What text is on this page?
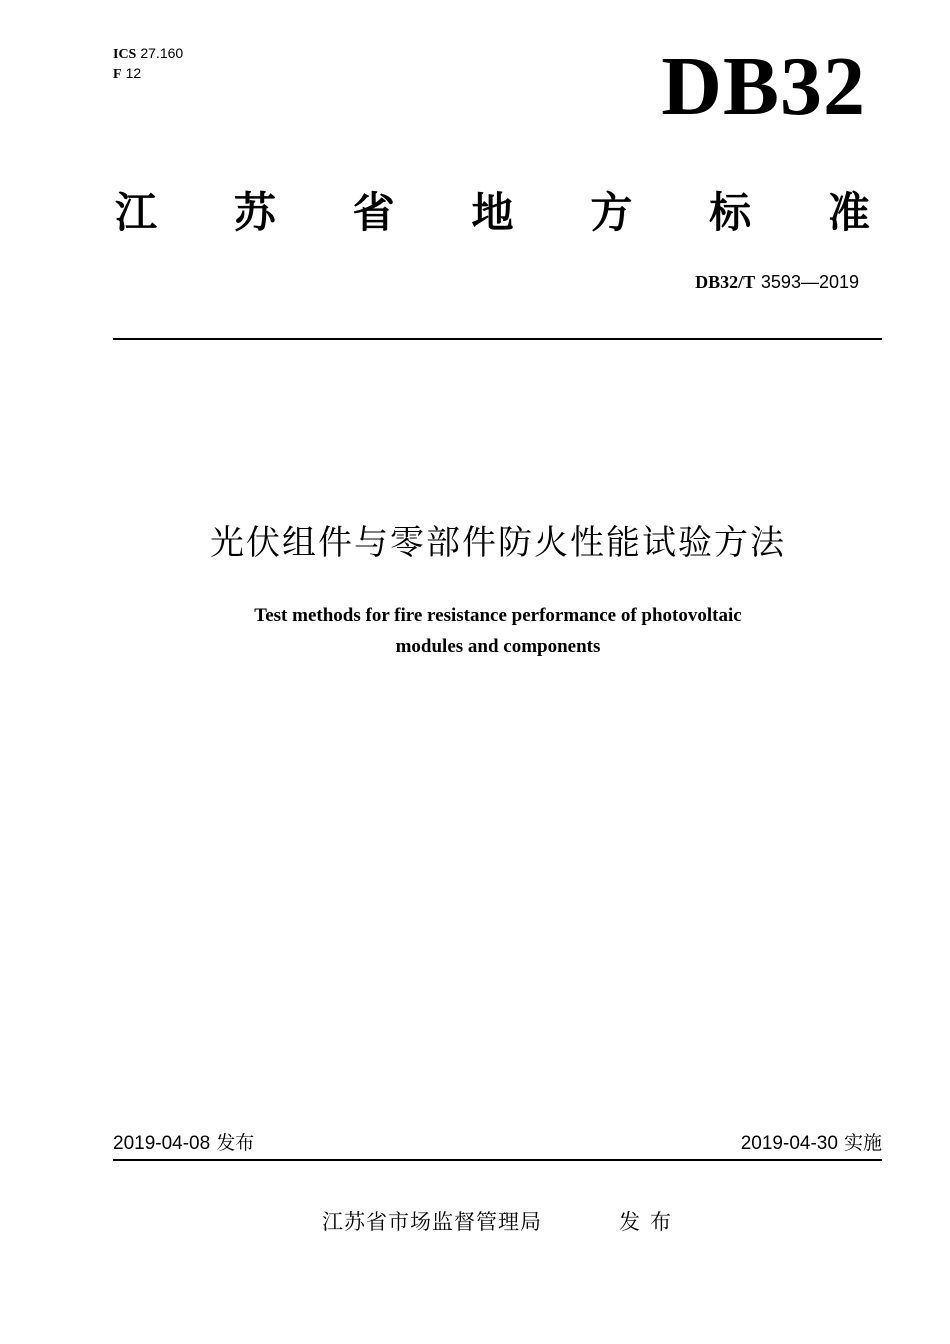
ICS 27.160
F 12	DB32
江 苏 省 地 方 标 准
DB32/T 3593—2019
光伏组件与零部件防火性能试验方法
Test methods for fire resistance performance of photovoltaic
modules and components
2019-04-08 发布	2019-04-30 实施
江苏省市场监督管理局	发布
